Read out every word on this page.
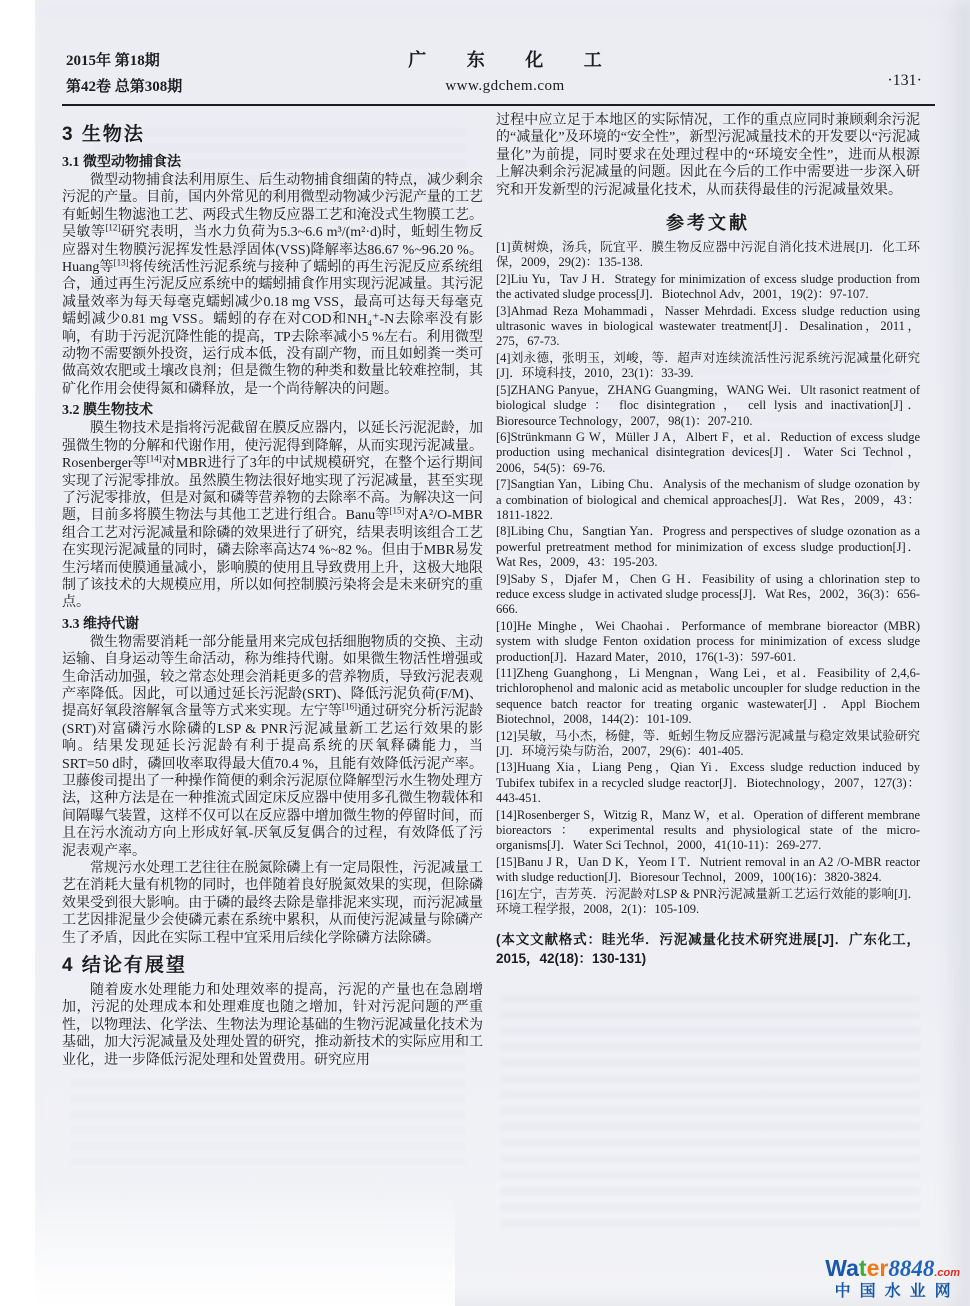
2015年 第18期
第42卷 总第308期
广 东 化 工
www.gdchem.com	·131·
3 生物法
3.1 微型动物捕食法

微型动物捕食法利用原生、后生动物捕食细菌的特点，减少剩余污泥的产量。目前，国内外常见的利用微型动物减少污泥产量的工艺有蚯蚓生物滤池工艺、两段式生物反应器工艺和淹没式生物膜工艺。吴敏等[12]研究表明，当水力负荷为5.3~6.6 m³/(m²·d)时，蚯蚓生物反应器对生物膜污泥挥发性悬浮固体(VSS)降解率达86.67 %~96.20 %。Huang等[13]将传统活性污泥系统与接种了蠕蚓的再生污泥反应系统组合，通过再生污泥反应系统中的蠕蚓捕食作用实现污泥减量。其污泥减量效率为每天每毫克蠕蚓减少0.18 mg VSS，最高可达每天每毫克蠕蚓减少0.81 mg VSS。蠕蚓的存在对COD和NH₄⁺-N去除率没有影响，有助于污泥沉降性能的提高，TP去除率减小5 %左右。利用微型动物不需要额外投资，运行成本低，没有副产物，而且如蚓粪一类可做高效农肥或土壤改良剂；但是微生物的种类和数量比较难控制，其矿化作用会使得氮和磷释放，是一个尚待解决的问题。

3.2 膜生物技术

膜生物技术是指将污泥截留在膜反应器内，以延长污泥泥龄，加强微生物的分解和代谢作用，使污泥得到降解，从而实现污泥减量。Rosenberger等[14]对MBR进行了3年的中试规模研究，在整个运行期间实现了污泥零排放。虽然膜生物法很好地实现了污泥减量，甚至实现了污泥零排放，但是对氮和磷等营养物的去除率不高。为解决这一问题，目前多将膜生物法与其他工艺进行组合。Banu等[15]对A²/O-MBR组合工艺对污泥减量和除磷的效果进行了研究，结果表明该组合工艺在实现污泥减量的同时，磷去除率高达74 %~82 %。但由于MBR易发生污堵而使膜通量减小，影响膜的使用且导致费用上升，这极大地限制了该技术的大规模应用，所以如何控制膜污染将会是未来研究的重点。

3.3 维持代谢

微生物需要消耗一部分能量用来完成包括细胞物质的交换、主动运输、自身运动等生命活动，称为维持代谢。如果微生物活性增强或生命活动加强，较之常态处理会消耗更多的营养物质，导致污泥表观产率降低。因此，可以通过延长污泥龄(SRT)、降低污泥负荷(F/M)、提高好氧段溶解氧含量等方式来实现。左宁等[16]通过研究分析污泥龄(SRT)对富磷污水除磷的LSP & PNR污泥减量新工艺运行效果的影响。结果发现延长污泥龄有利于提高系统的厌氧释磷能力，当SRT=50 d时，磷回收率取得最大值70.4 %，且能有效降低污泥产率。卫藤俊司提出了一种操作简便的剩余污泥原位降解型污水生物处理方法，这种方法是在一种推流式固定床反应器中使用多孔微生物载体和间隔曝气装置，这样不仅可以在反应器中增加微生物的停留时间，而且在污水流动方向上形成好氧-厌氧反复偶合的过程，有效降低了污泥表观产率。

常规污水处理工艺往往在脱氮除磷上有一定局限性，污泥减量工艺在消耗大量有机物的同时，也伴随着良好脱氮效果的实现，但除磷效果受到很大影响。由于磷的最终去除是靠排泥来实现，而污泥减量工艺因排泥量少会使磷元素在系统中累积，从而使污泥减量与除磷产生了矛盾，因此在实际工程中宜采用后续化学除磷方法除磷。

4 结论有展望

随着废水处理能力和处理效率的提高，污泥的产量也在急剧增加，污泥的处理成本和处理难度也随之增加，针对污泥问题的严重性，以物理法、化学法、生物法为理论基础的生物污泥减量化技术为基础，加大污泥减量及处理处置的研究，推动新技术的实际应用和工业化，进一步降低污泥处理和处置费用。研究应用

过程中应立足于本地区的实际情况，工作的重点应同时兼顾剩余污泥的“减量化”及环境的“安全性”，新型污泥减量技术的开发要以“污泥减量化”为前提，同时要求在处理过程中的“环境安全性”，进而从根源上解决剩余污泥减量的问题。因此在今后的工作中需要进一步深入研究和开发新型的污泥减量化技术，从而获得最佳的污泥减量效果。

参考文献

[1]黄树焕，汤兵，阮宜平．膜生物反应器中污泥自消化技术进展[J]．化工环保，2009，29(2)：135-138.

[2]Liu Yu，Tav J H．Strategy for minimization of excess sludge production from the activated sludge process[J]．Biotechnol Adv，2001，19(2)：97-107.

[3]Ahmad Reza Mohammadi，Nasser Mehrdadi. Excess sludge reduction using ultrasonic waves in biological wastewater treatment[J]．Desalination，2011，275，67-73.

[4]刘永德，张明玉，刘峻，等．超声对连续流活性污泥系统污泥减量化研究[J]．环境科技，2010，23(1)：33-39.

[5]ZHANG Panyue，ZHANG Guangming，WANG Wei．Ult rasonict reatment of biological sludge ： floc disintegration ， cell lysis and inactivation[J]．Bioresource Technology，2007，98(1)：207-210.

[6]Strünkmann G W，Müller J A，Albert F，et al．Reduction of excess sludge production using mechanical disintegration devices[J]．Water Sci Technol，2006，54(5)：69-76.

[7]Sangtian Yan，Libing Chu．Analysis of the mechanism of sludge ozonation by a combination of biological and chemical approaches[J]．Wat Res，2009，43：1811-1822.

[8]Libing Chu，Sangtian Yan．Progress and perspectives of sludge ozonation as a powerful pretreatment method for minimization of excess sludge production[J]．Wat Res，2009，43：195-203.

[9]Saby S，Djafer M，Chen G H．Feasibility of using a chlorination step to reduce excess sludge in activated sludge process[J]．Wat Res，2002，36(3)：656-666.

[10]He Minghe，Wei Chaohai．Performance of membrane bioreactor (MBR) system with sludge Fenton oxidation process for minimization of excess sludge production[J]．Hazard Mater，2010，176(1-3)：597-601.

[11]Zheng Guanghong，Li Mengnan，Wang Lei，et al．Feasibility of 2,4,6-trichlorophenol and malonic acid as metabolic uncoupler for sludge reduction in the sequence batch reactor for treating organic wastewater[J]．Appl Biochem Biotechnol，2008，144(2)：101-109.

[12]吴敏，马小杰，杨健，等．蚯蚓生物反应器污泥减量与稳定效果试验研究[J]．环境污染与防治，2007，29(6)：401-405.

[13]Huang Xia，Liang Peng，Qian Yi．Excess sludge reduction induced by Tubifex tubifex in a recycled sludge reactor[J]．Biotechnology，2007，127(3)：443-451.

[14]Rosenberger S，Witzig R，Manz W，et al．Operation of different membrane bioreactors ： experimental results and physiological state of the micro-organisms[J]．Water Sci Technol，2000，41(10-11)：269-277.

[15]Banu J R，Uan D K，Yeom I T．Nutrient removal in an A2 /O-MBR reactor with sludge reduction[J]．Bioresour Technol，2009，100(16)：3820-3824.

[16]左宁，吉芳英．污泥龄对LSP & PNR污泥减量新工艺运行效能的影响[J]．环境工程学报，2008，2(1)：105-109.

(本文文献格式：眭光华．污泥减量化技术研究进展[J]．广东化工，2015，42(18)：130-131)
Water8848.com
中国水业网
